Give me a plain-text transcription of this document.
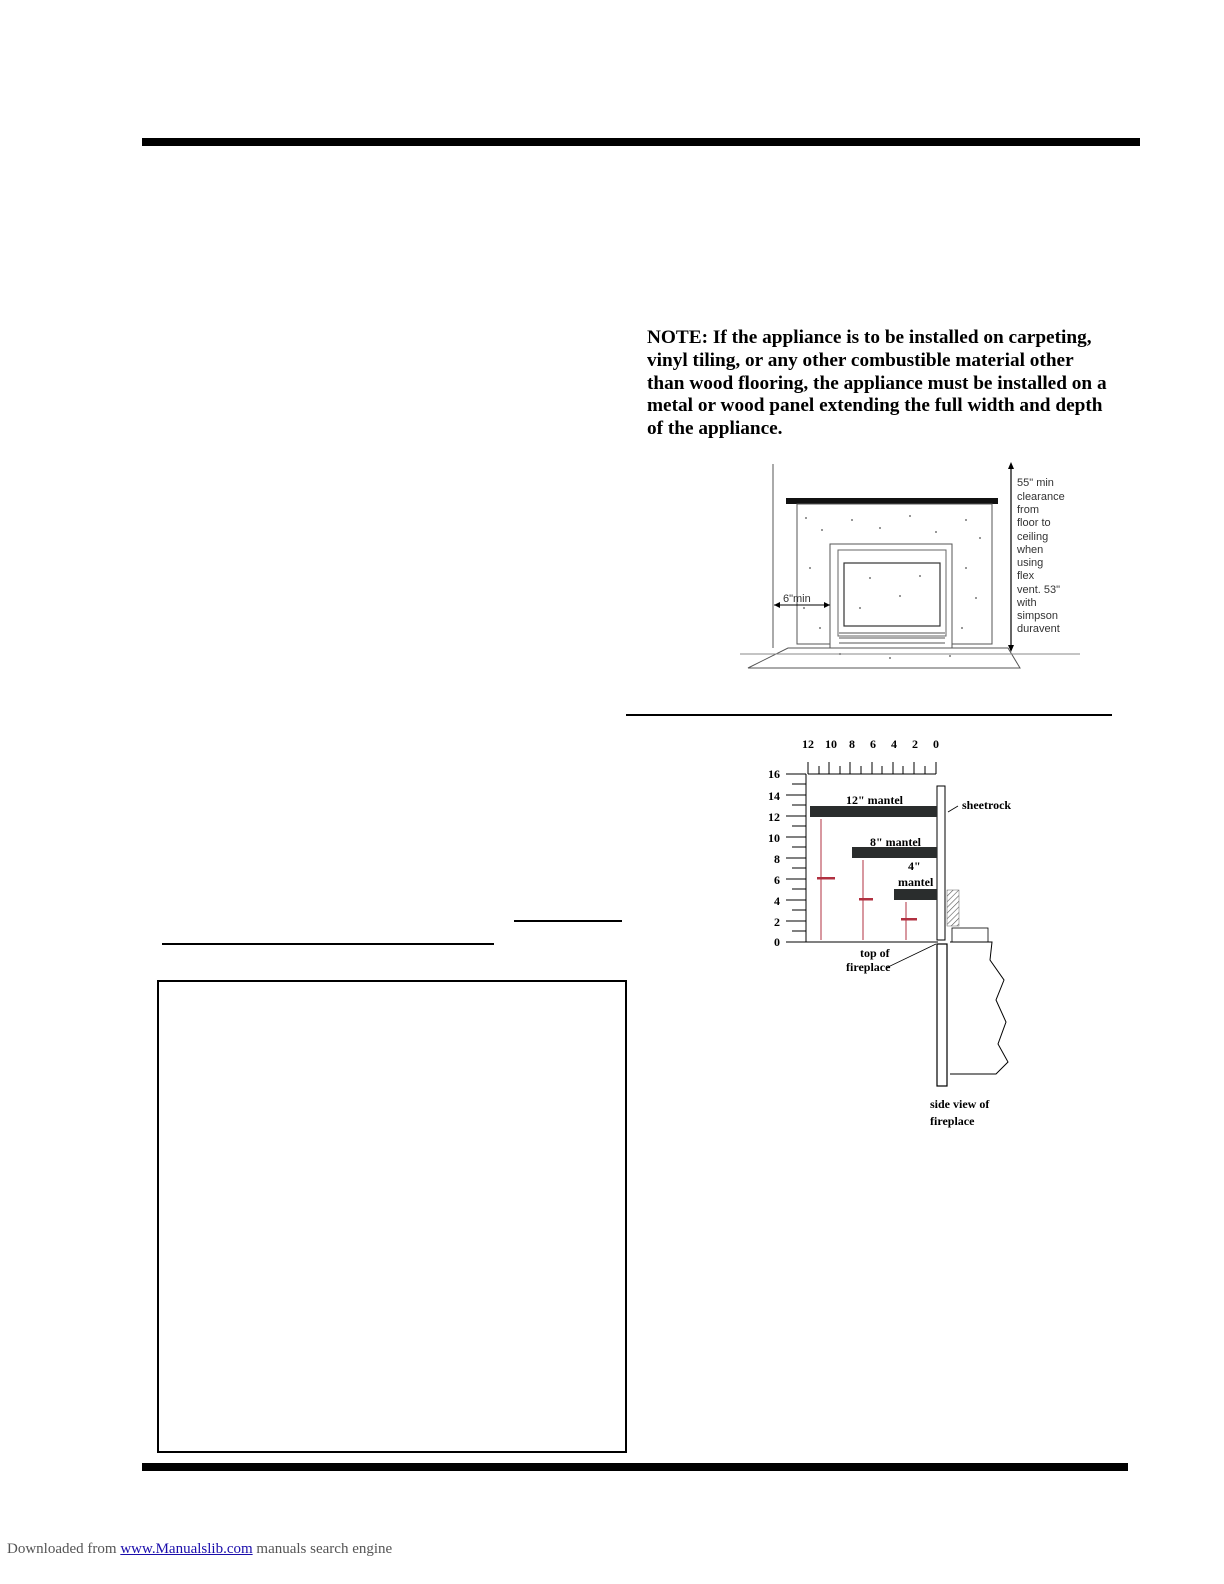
NOTE: If the appliance is to be installed on carpeting, vinyl tiling, or any other combustible material other than wood flooring, the appliance must be installed on a metal or wood panel extending the full width and depth of the appliance.

6"min
55" min
clearance
from
floor to
ceiling
when
using
flex
vent. 53"
with
simpson
duravent
12 10 8 6 4 2 0
16
14
12
10
8
6
4
2
0
12" mantel
8" mantel
4"
mantel
sheetrock
top of
fireplace
side view of
fireplace
Downloaded from www.Manualslib.com manuals search engine
